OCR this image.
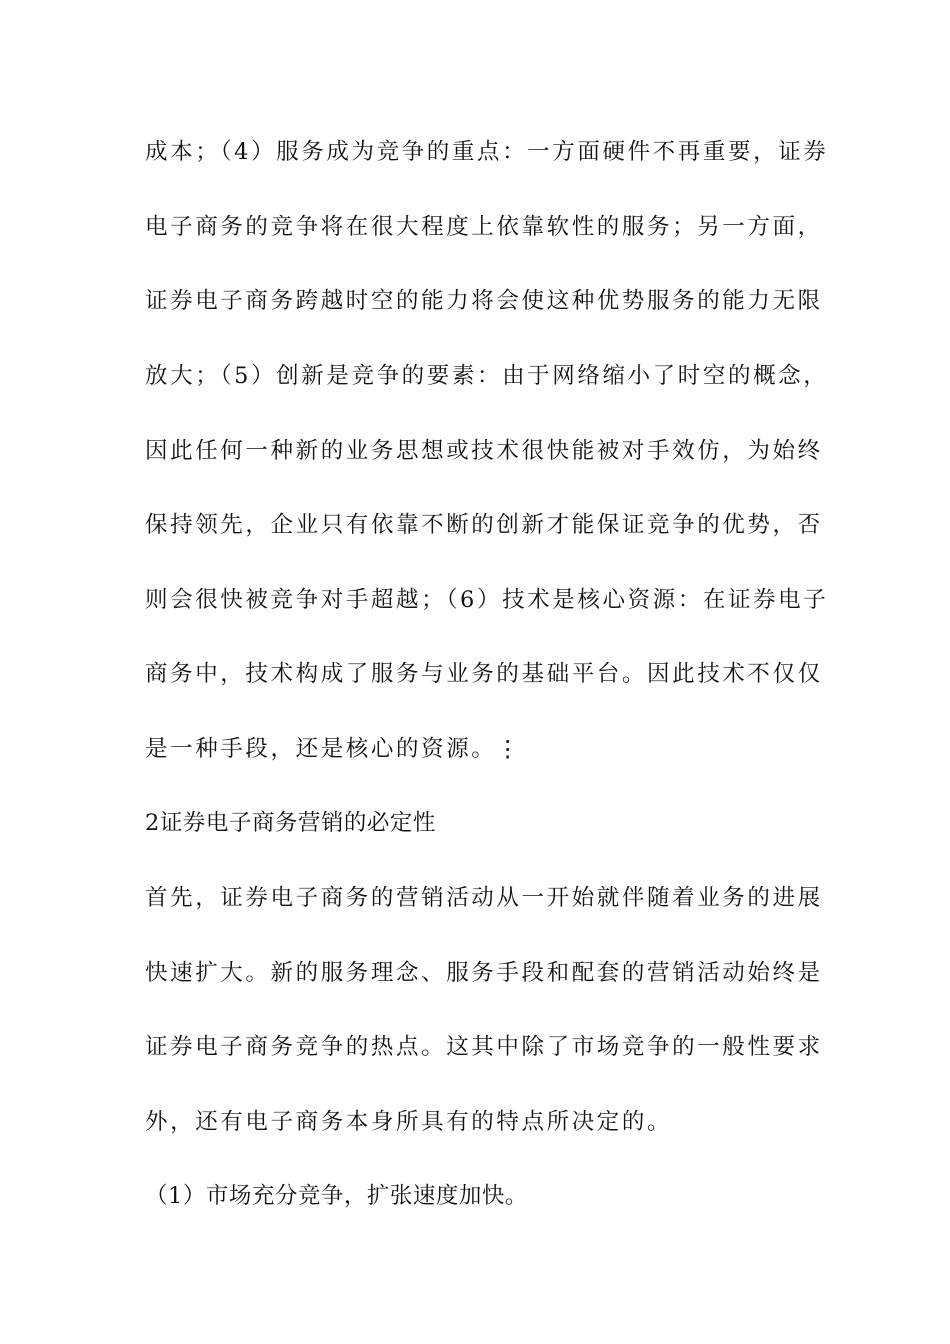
成本；（4）服务成为竞争的重点：一方面硬件不再重要，证券
电子商务的竞争将在很大程度上依靠软性的服务；另一方面，
证券电子商务跨越时空的能力将会使这种优势服务的能力无限
放大；（5）创新是竞争的要素：由于网络缩小了时空的概念，
因此任何一种新的业务思想或技术很快能被对手效仿，为始终
保持领先，企业只有依靠不断的创新才能保证竞争的优势，否
则会很快被竞争对手超越；（6）技术是核心资源：在证券电子
商务中，技术构成了服务与业务的基础平台。因此技术不仅仅
是一种手段，还是核心的资源。⋮
2证券电子商务营销的必定性
首先，证券电子商务的营销活动从一开始就伴随着业务的进展
快速扩大。新的服务理念、服务手段和配套的营销活动始终是
证券电子商务竞争的热点。这其中除了市场竞争的一般性要求
外，还有电子商务本身所具有的特点所决定的。
（1）市场充分竞争，扩张速度加快。
